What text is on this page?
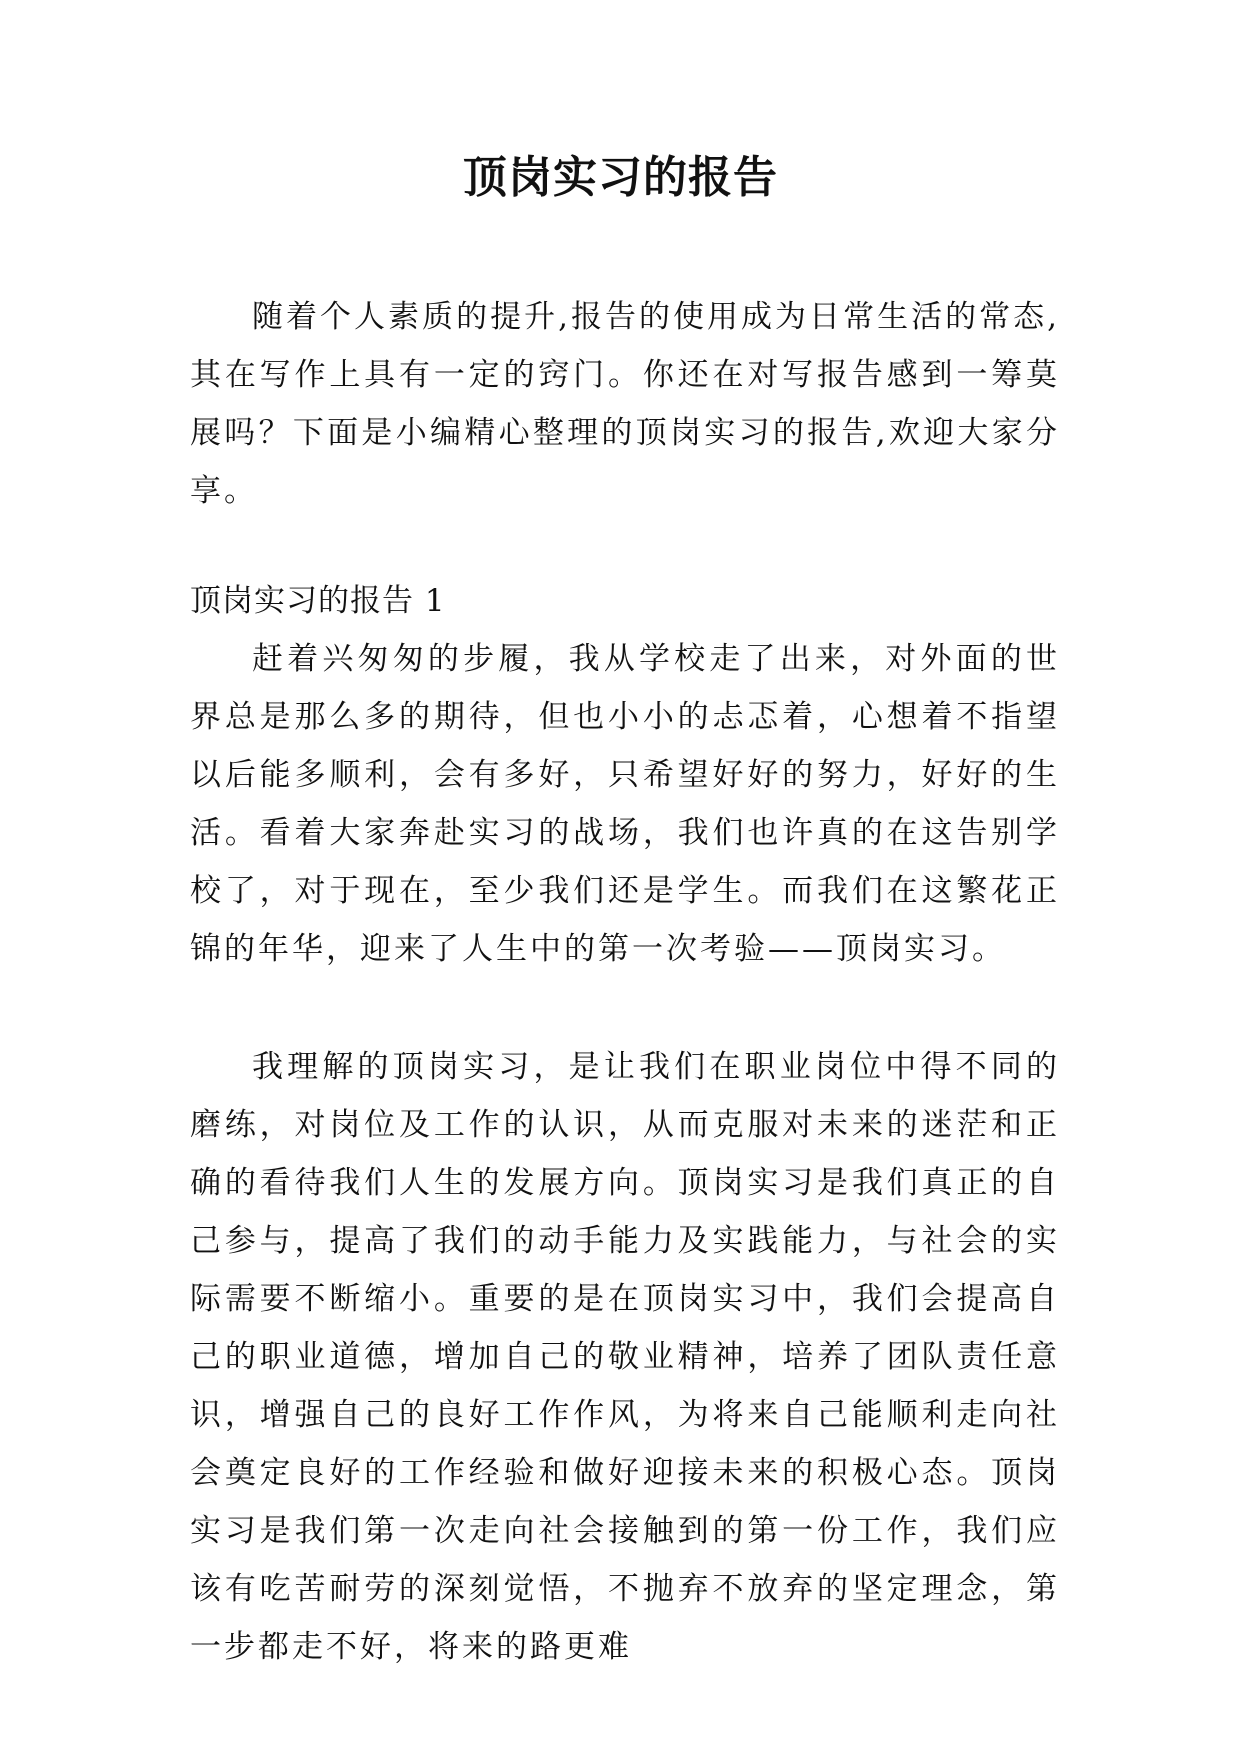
顶岗实习的报告

随着个人素质的提升,报告的使用成为日常生活的常态,其在写作上具有一定的窍门。你还在对写报告感到一筹莫展吗？下面是小编精心整理的顶岗实习的报告,欢迎大家分享。

顶岗实习的报告 1

赶着兴匆匆的步履，我从学校走了出来，对外面的世界总是那么多的期待，但也小小的忐忑着，心想着不指望以后能多顺利，会有多好，只希望好好的努力，好好的生活。看着大家奔赴实习的战场，我们也许真的在这告别学校了，对于现在，至少我们还是学生。而我们在这繁花正锦的年华，迎来了人生中的第一次考验——顶岗实习。

我理解的顶岗实习，是让我们在职业岗位中得不同的磨练，对岗位及工作的认识，从而克服对未来的迷茫和正确的看待我们人生的发展方向。顶岗实习是我们真正的自己参与，提高了我们的动手能力及实践能力，与社会的实际需要不断缩小。重要的是在顶岗实习中，我们会提高自己的职业道德，增加自己的敬业精神，培养了团队责任意识，增强自己的良好工作作风，为将来自己能顺利走向社会奠定良好的工作经验和做好迎接未来的积极心态。顶岗实习是我们第一次走向社会接触到的第一份工作，我们应该有吃苦耐劳的深刻觉悟，不抛弃不放弃的坚定理念，第一步都走不好，将来的路更难
